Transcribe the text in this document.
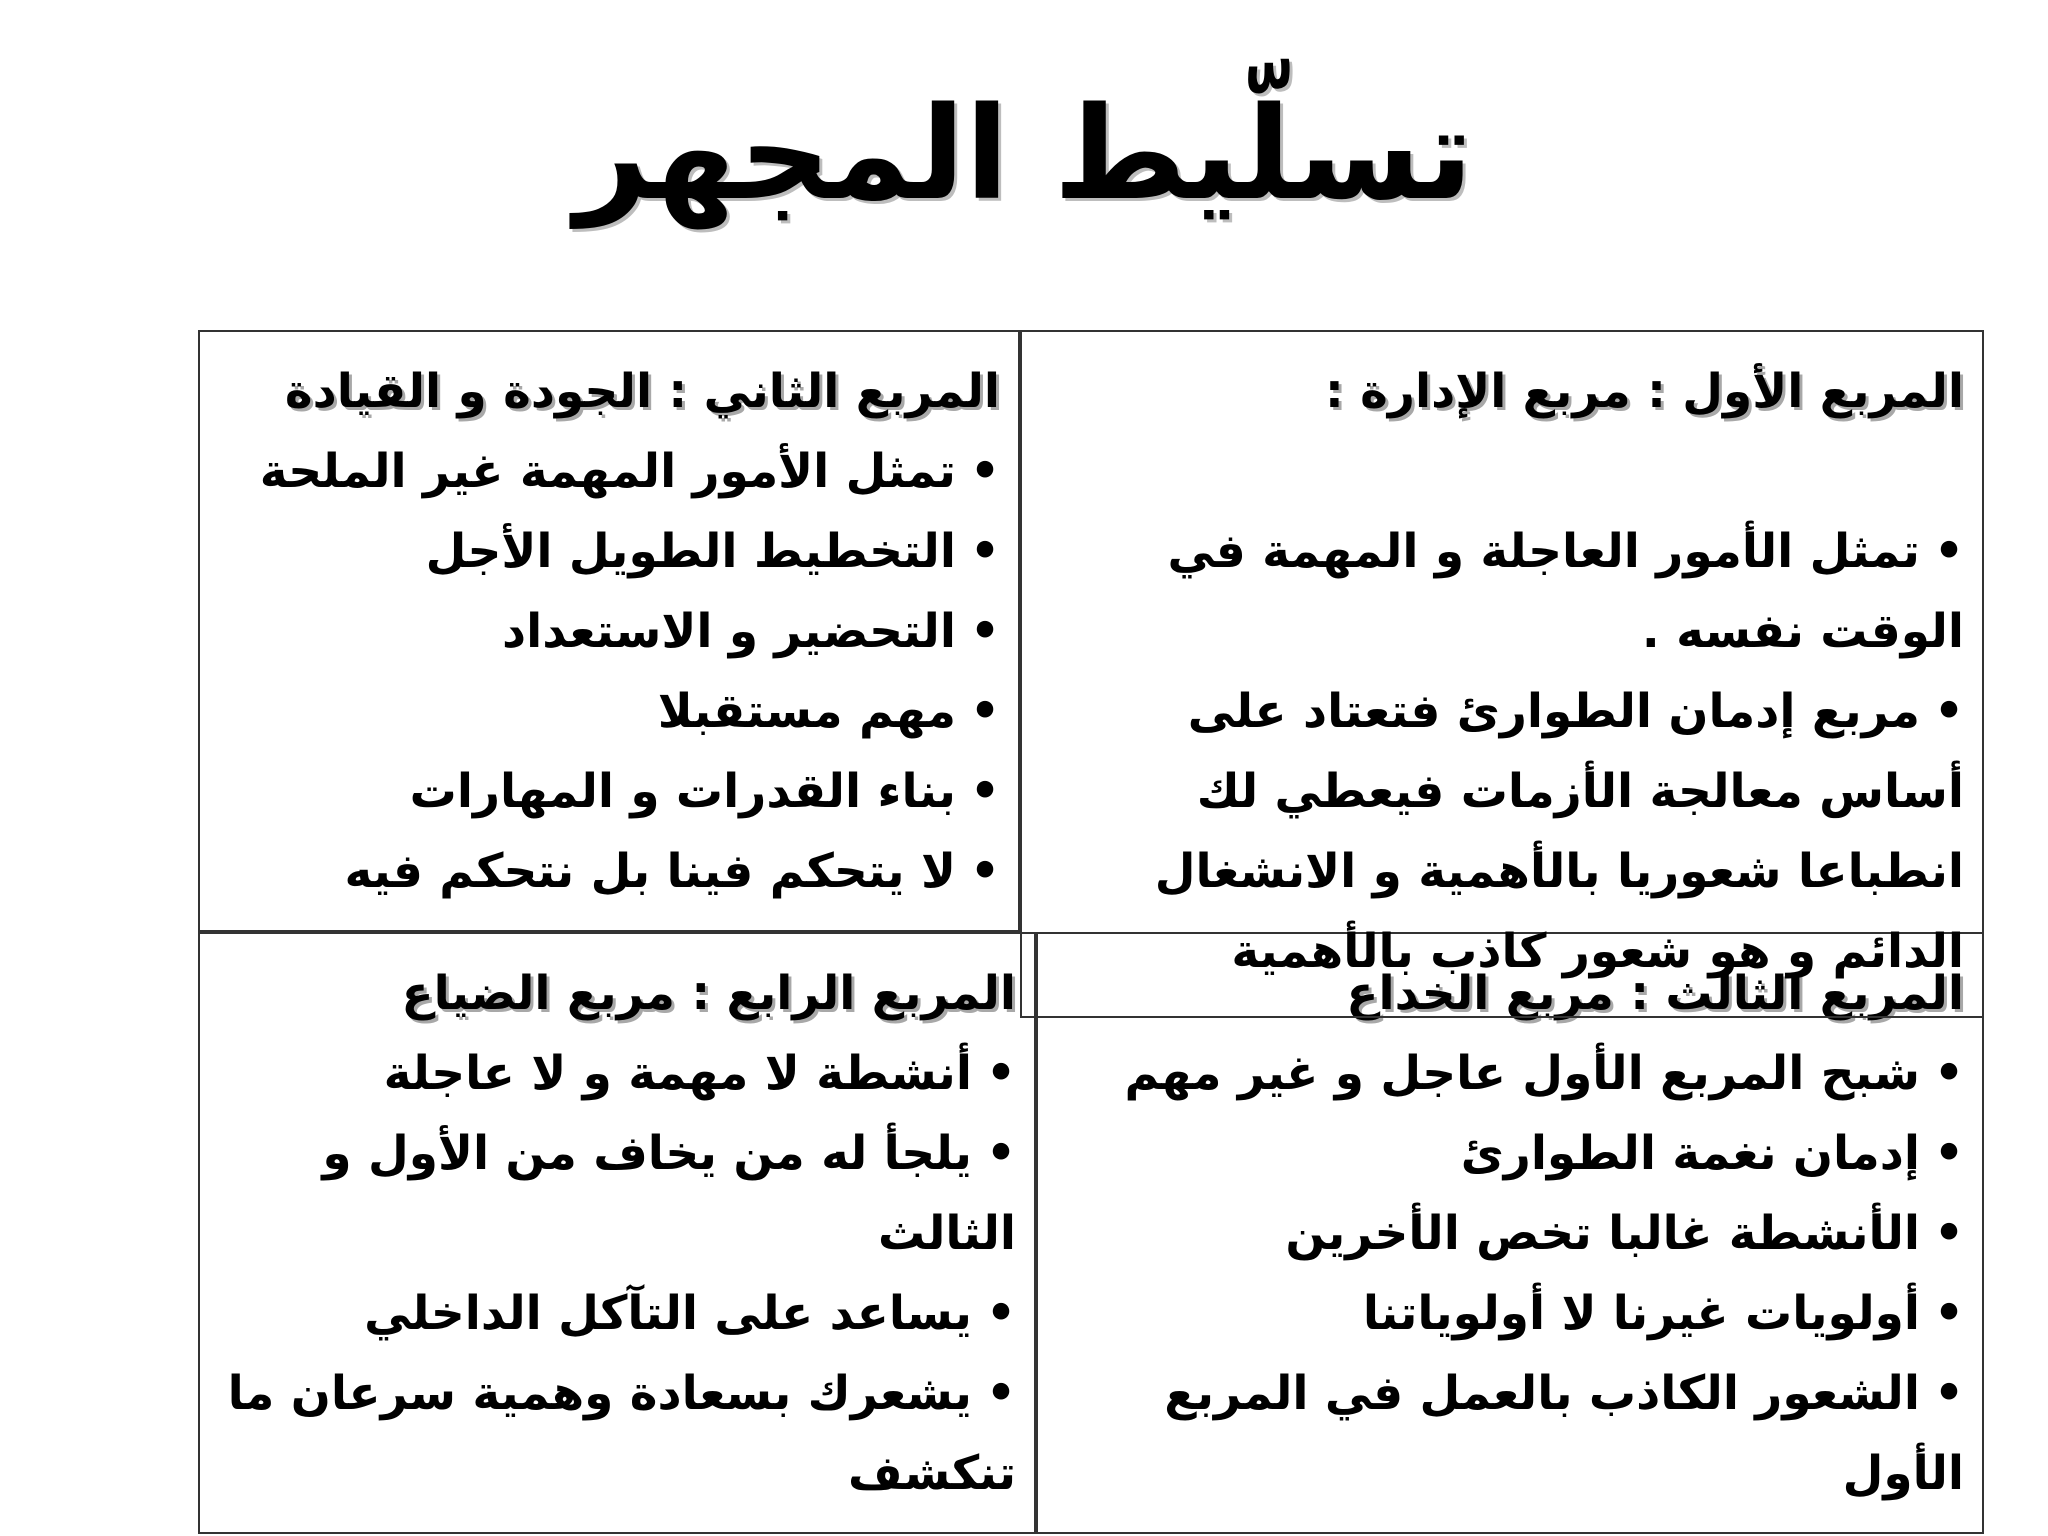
تسلّيط المجهر
المربع الثالث : مربع الخداع
•شبح المربع الأول عاجل و غير مهم
•إدمان نغمة الطوارئ
•الأنشطة غالبا تخص الأخرين
•أولويات غيرنا لا أولوياتنا
•الشعور الكاذب بالعمل في المربع الأول
المربع الرابع : مربع الضياع
•أنشطة لا مهمة و لا عاجلة
•يلجأ له من يخاف من الأول و الثالث
•يساعد على التآكل الداخلي
•يشعرك بسعادة وهمية سرعان ما تنكشف
المربع الثاني : الجودة و القيادة
•تمثل الأمور المهمة غير الملحة
•التخطيط الطويل الأجل
•التحضير و الاستعداد
•مهم مستقبلا
•بناء القدرات و المهارات
•لا يتحكم فينا بل نتحكم فيه
المربع الأول : مربع الإدارة :
•تمثل الأمور العاجلة و المهمة في الوقت نفسه .
•مربع إدمان الطوارئ فتعتاد على أساس معالجة الأزمات فيعطي لك انطباعا شعوريا بالأهمية و الانشغال الدائم و هو شعور كاذب بالأهمية
